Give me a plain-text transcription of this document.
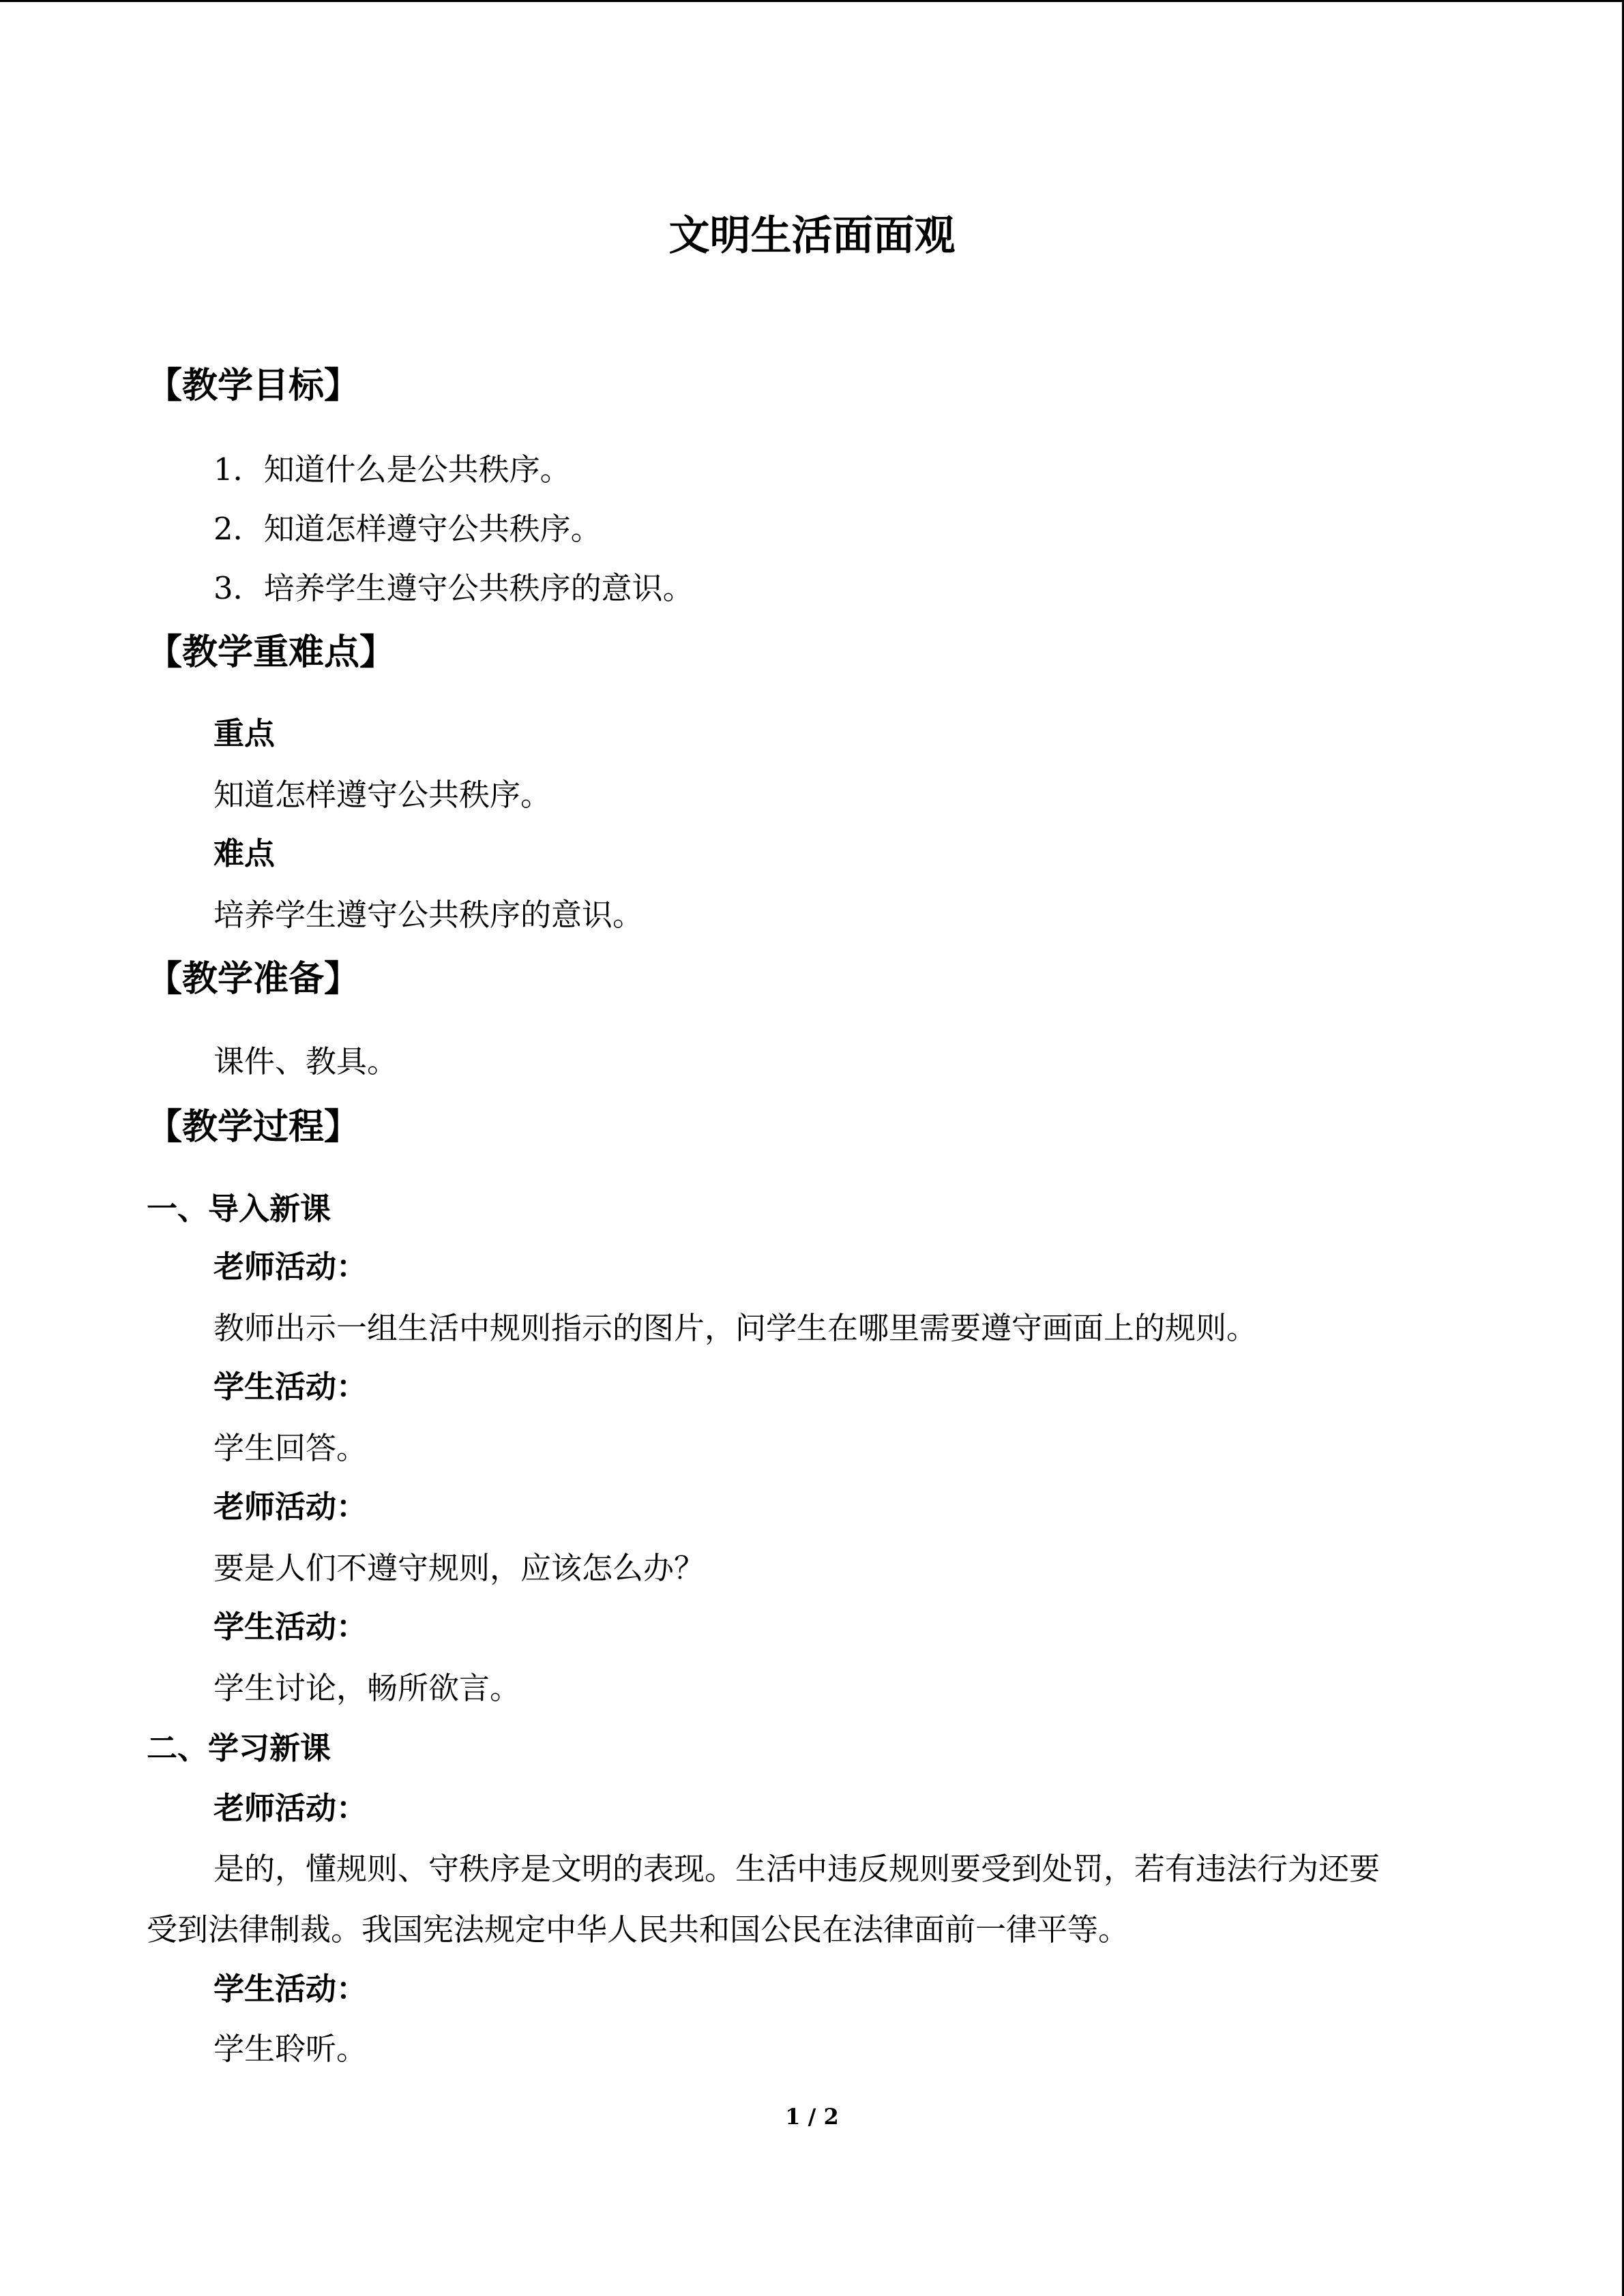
文明生活面面观
【教学目标】
1．知道什么是公共秩序。
2．知道怎样遵守公共秩序。
3．培养学生遵守公共秩序的意识。
【教学重难点】
重点
知道怎样遵守公共秩序。
难点
培养学生遵守公共秩序的意识。
【教学准备】
课件、教具。
【教学过程】
一、导入新课
老师活动：
教师出示一组生活中规则指示的图片，问学生在哪里需要遵守画面上的规则。
学生活动：
学生回答。
老师活动：
要是人们不遵守规则，应该怎么办？
学生活动：
学生讨论，畅所欲言。
二、学习新课
老师活动：
是的，懂规则、守秩序是文明的表现。生活中违反规则要受到处罚，若有违法行为还要
受到法律制裁。我国宪法规定中华人民共和国公民在法律面前一律平等。
学生活动：
学生聆听。
1 / 2
